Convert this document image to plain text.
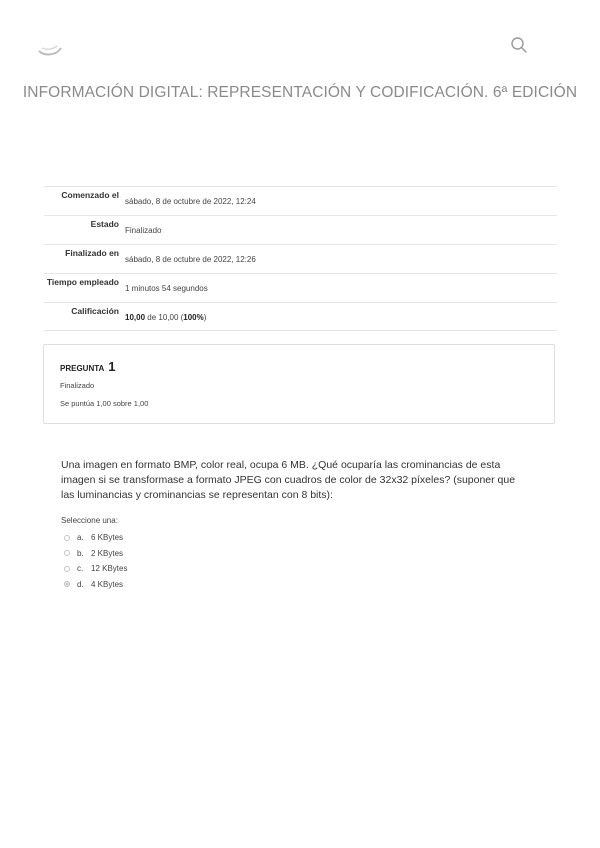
INFORMACIÓN DIGITAL: REPRESENTACIÓN Y CODIFICACIÓN. 6ª EDICIÓN
Comenzado el
sábado, 8 de octubre de 2022, 12:24
Estado
Finalizado
Finalizado en
sábado, 8 de octubre de 2022, 12:26
Tiempo empleado
1 minutos 54 segundos
Calificación
10,00 de 10,00 (100%)
PREGUNTA 1
Finalizado
Se puntúa 1,00 sobre 1,00
Una imagen en formato BMP, color real, ocupa 6 MB. ¿Qué ocuparía las crominancias de esta imagen si se transformase a formato JPEG con cuadros de color de 32x32 píxeles? (suponer que las luminancias y crominancias se representan con 8 bits):
Seleccione una:
a. 6 KBytes
b. 2 KBytes
c. 12 KBytes
d. 4 KBytes
